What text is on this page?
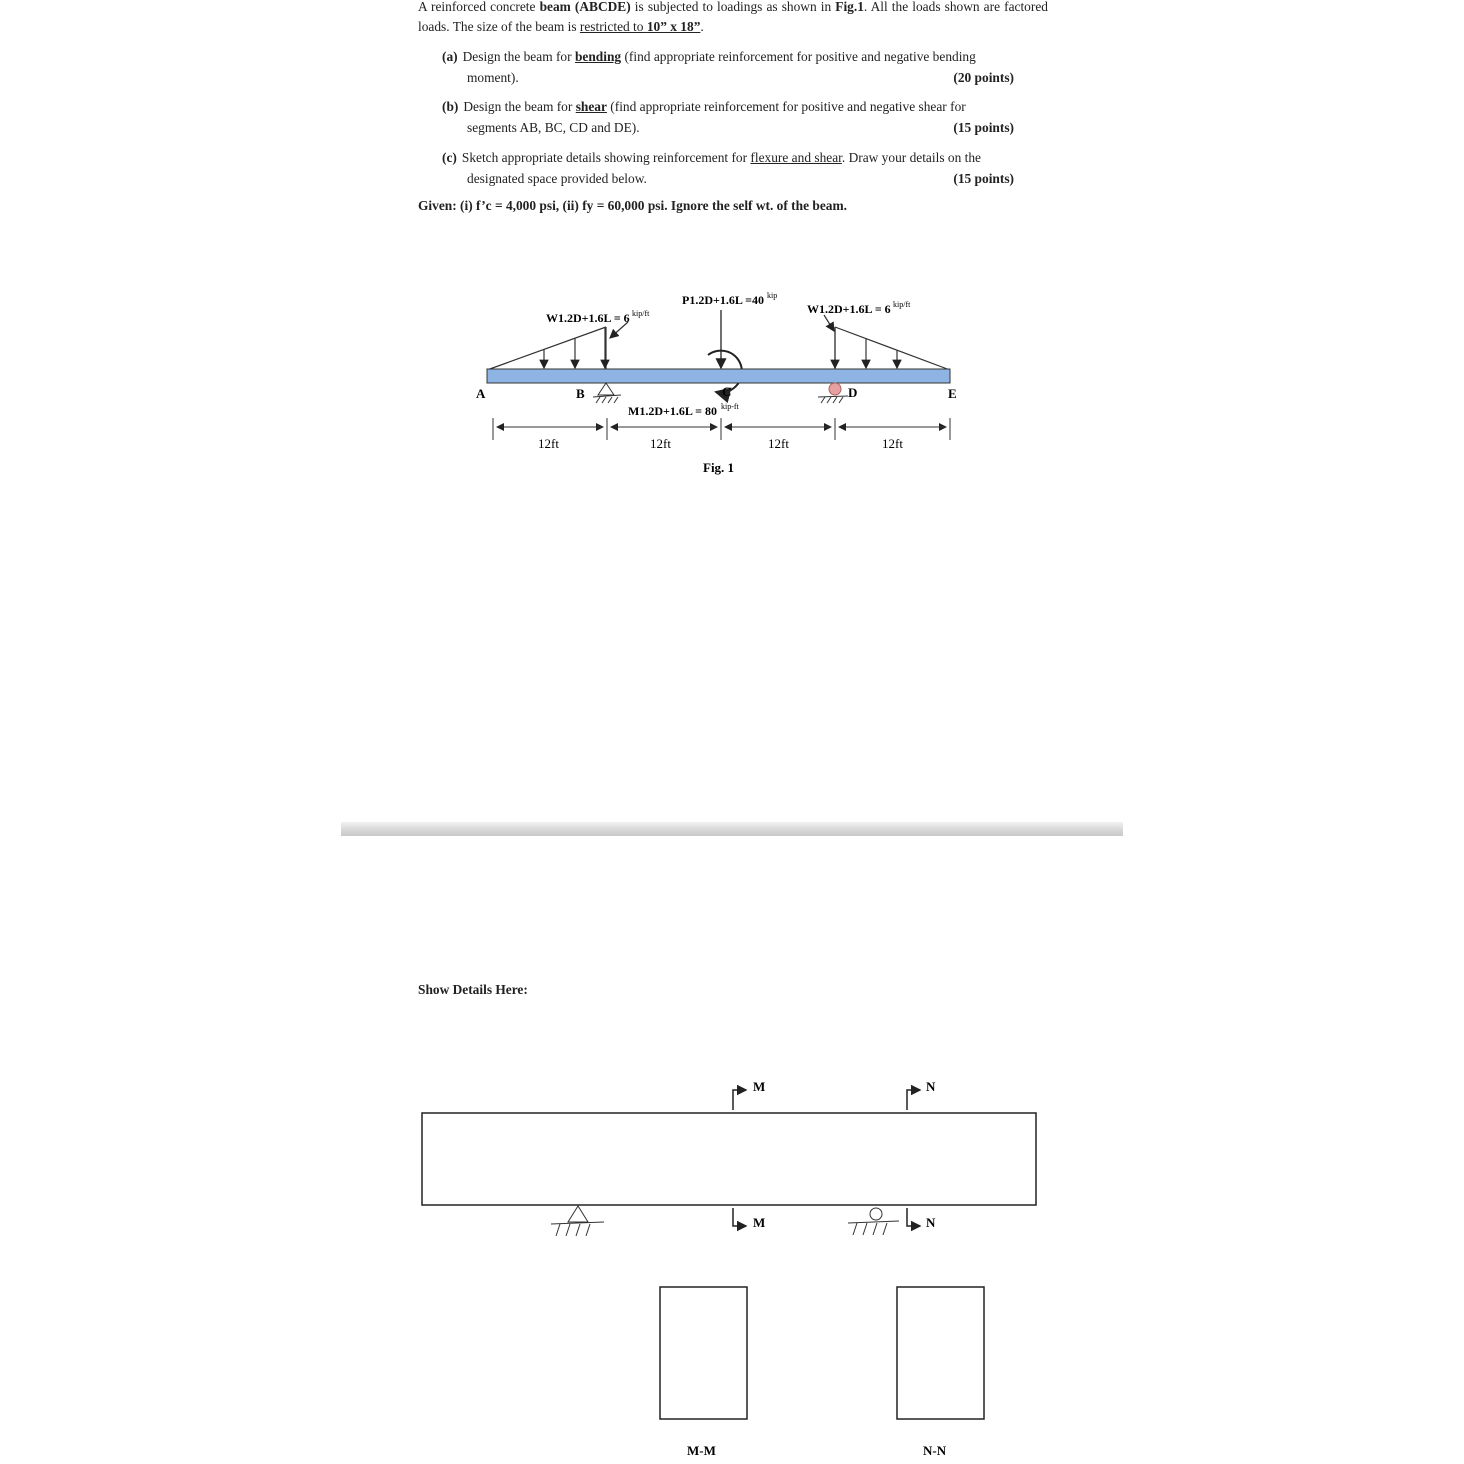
A reinforced concrete beam (ABCDE) is subjected to loadings as shown in Fig.1. All the loads shown are factored loads. The size of the beam is restricted to 10” x 18”.
(a) Design the beam for bending (find appropriate reinforcement for positive and negative bending
moment).	(20 points)
(b) Design the beam for shear (find appropriate reinforcement for positive and negative shear for
segments AB, BC, CD and DE).	(15 points)
(c) Sketch appropriate details showing reinforcement for flexure and shear. Draw your details on the
designated space provided below.	(15 points)
Given: (i) f’c = 4,000 psi, (ii) fy = 60,000 psi. Ignore the self wt. of the beam.
A	B	C	D	E
P1.2D+1.6L =40 kip
W1.2D+1.6L = 6 kip/ft	W1.2D+1.6L = 6 kip/ft
M1.2D+1.6L = 80 kip-ft
12ft	12ft	12ft	12ft
Fig. 1
Show Details Here:
M
M
N
N
M-M	N-N
